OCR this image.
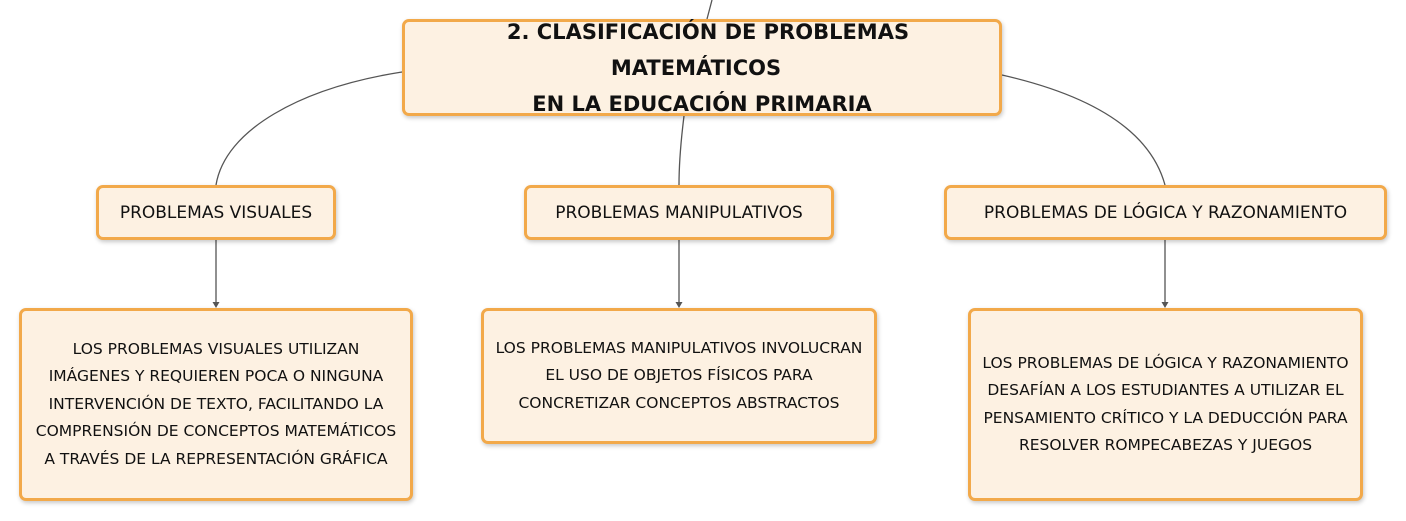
2. CLASIFICACIÓN DE PROBLEMAS MATEMÁTICOS
EN LA EDUCACIÓN PRIMARIA
PROBLEMAS VISUALES	PROBLEMAS MANIPULATIVOS	PROBLEMAS DE LÓGICA Y RAZONAMIENTO
LOS PROBLEMAS VISUALES UTILIZAN IMÁGENES Y REQUIEREN POCA O NINGUNA INTERVENCIÓN DE TEXTO, FACILITANDO LA COMPRENSIÓN DE CONCEPTOS MATEMÁTICOS A TRAVÉS DE LA REPRESENTACIÓN GRÁFICA
LOS PROBLEMAS MANIPULATIVOS INVOLUCRAN EL USO DE OBJETOS FÍSICOS PARA CONCRETIZAR CONCEPTOS ABSTRACTOS
LOS PROBLEMAS DE LÓGICA Y RAZONAMIENTO DESAFÍAN A LOS ESTUDIANTES A UTILIZAR EL PENSAMIENTO CRÍTICO Y LA DEDUCCIÓN PARA RESOLVER ROMPECABEZAS Y JUEGOS
